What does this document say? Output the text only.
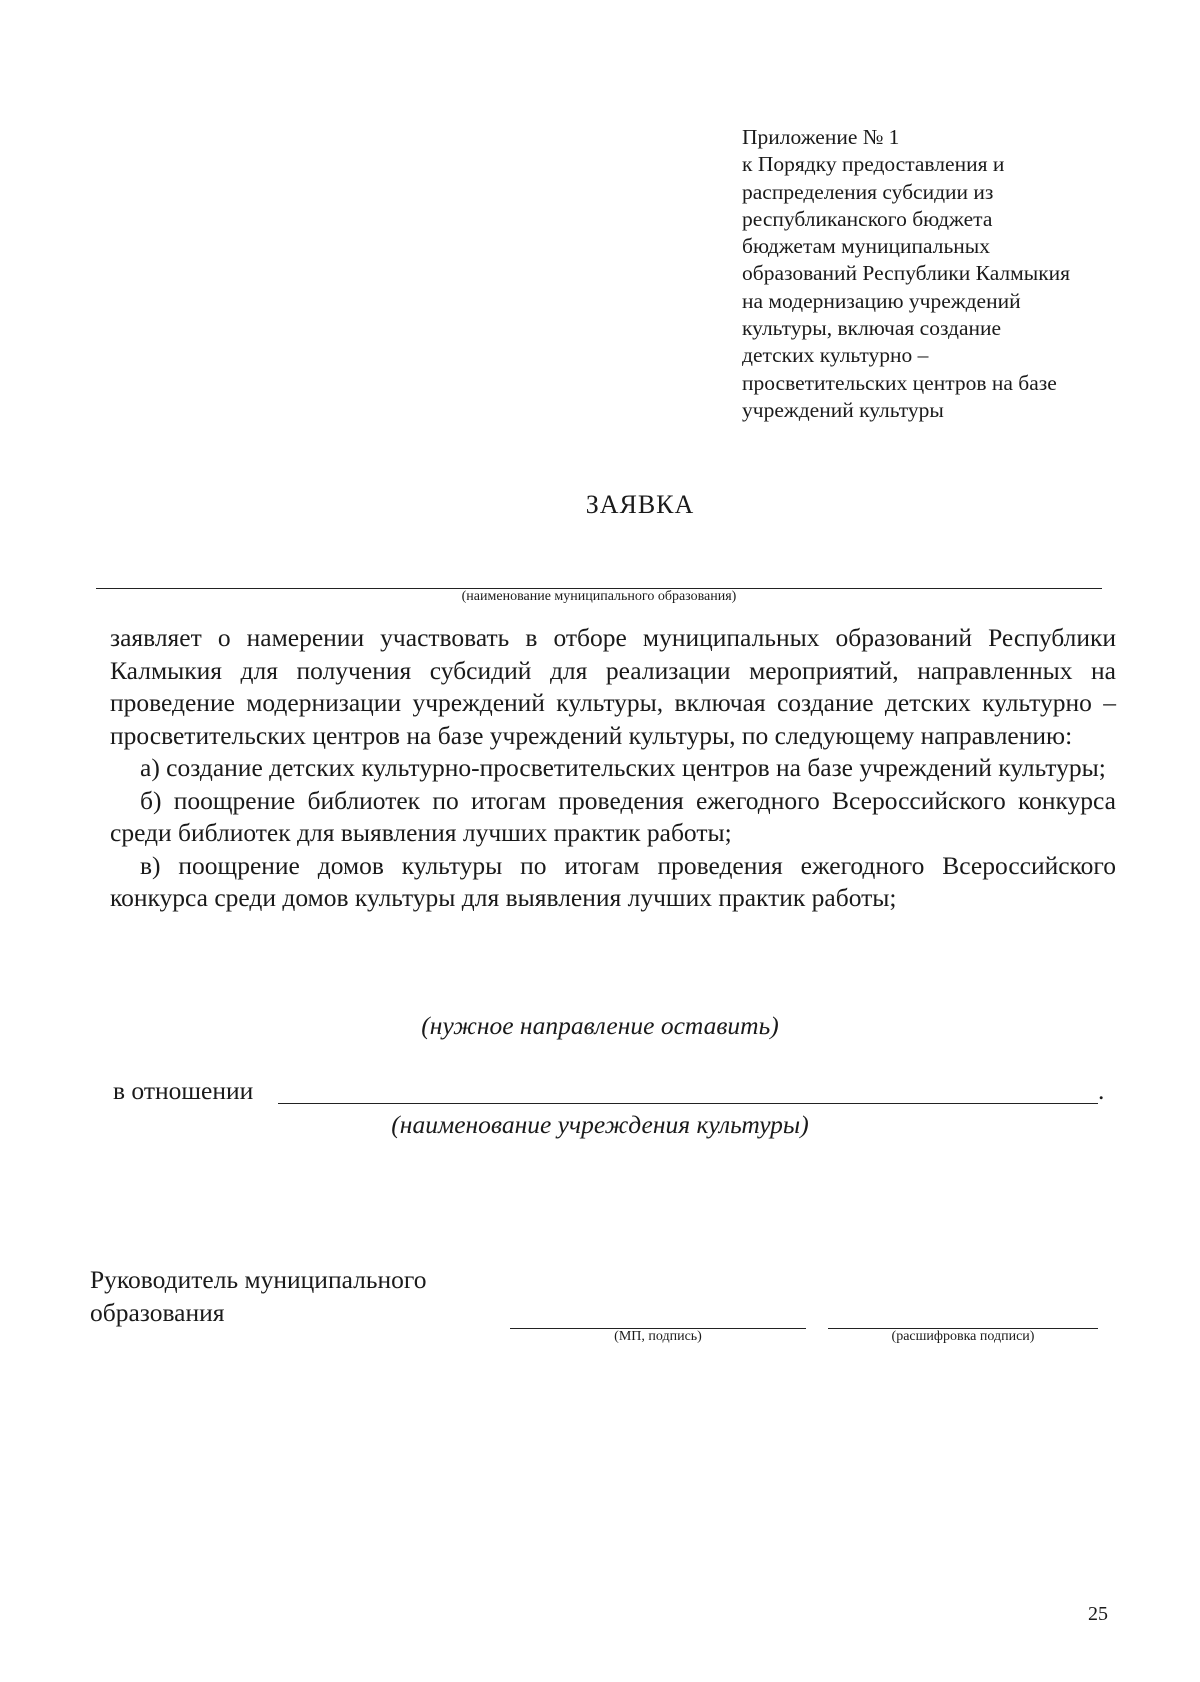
Приложение № 1
к Порядку предоставления и
распределения субсидии из
республиканского бюджета
бюджетам муниципальных
образований Республики Калмыкия
на модернизацию учреждений
культуры, включая создание
детских культурно –
просветительских центров на базе
учреждений культуры
ЗАЯВКА
(наименование муниципального образования)

заявляет о намерении участвовать в отборе муниципальных образований Республики Калмыкия для получения субсидий для реализации мероприятий, направленных на проведение модернизации учреждений культуры, включая создание детских культурно – просветительских центров на базе учреждений культуры, по следующему направлению:

а) создание детских культурно-просветительских центров на базе учреждений культуры;

б) поощрение библиотек по итогам проведения ежегодного Всероссийского конкурса среди библиотек для выявления лучших практик работы;

в) поощрение домов культуры по итогам проведения ежегодного Всероссийского конкурса среди домов культуры для выявления лучших практик работы;

(нужное направление оставить)
в отношении	.
(наименование учреждения культуры)
Руководитель муниципального
образования
(МП, подпись)	(расшифровка подписи)
25
